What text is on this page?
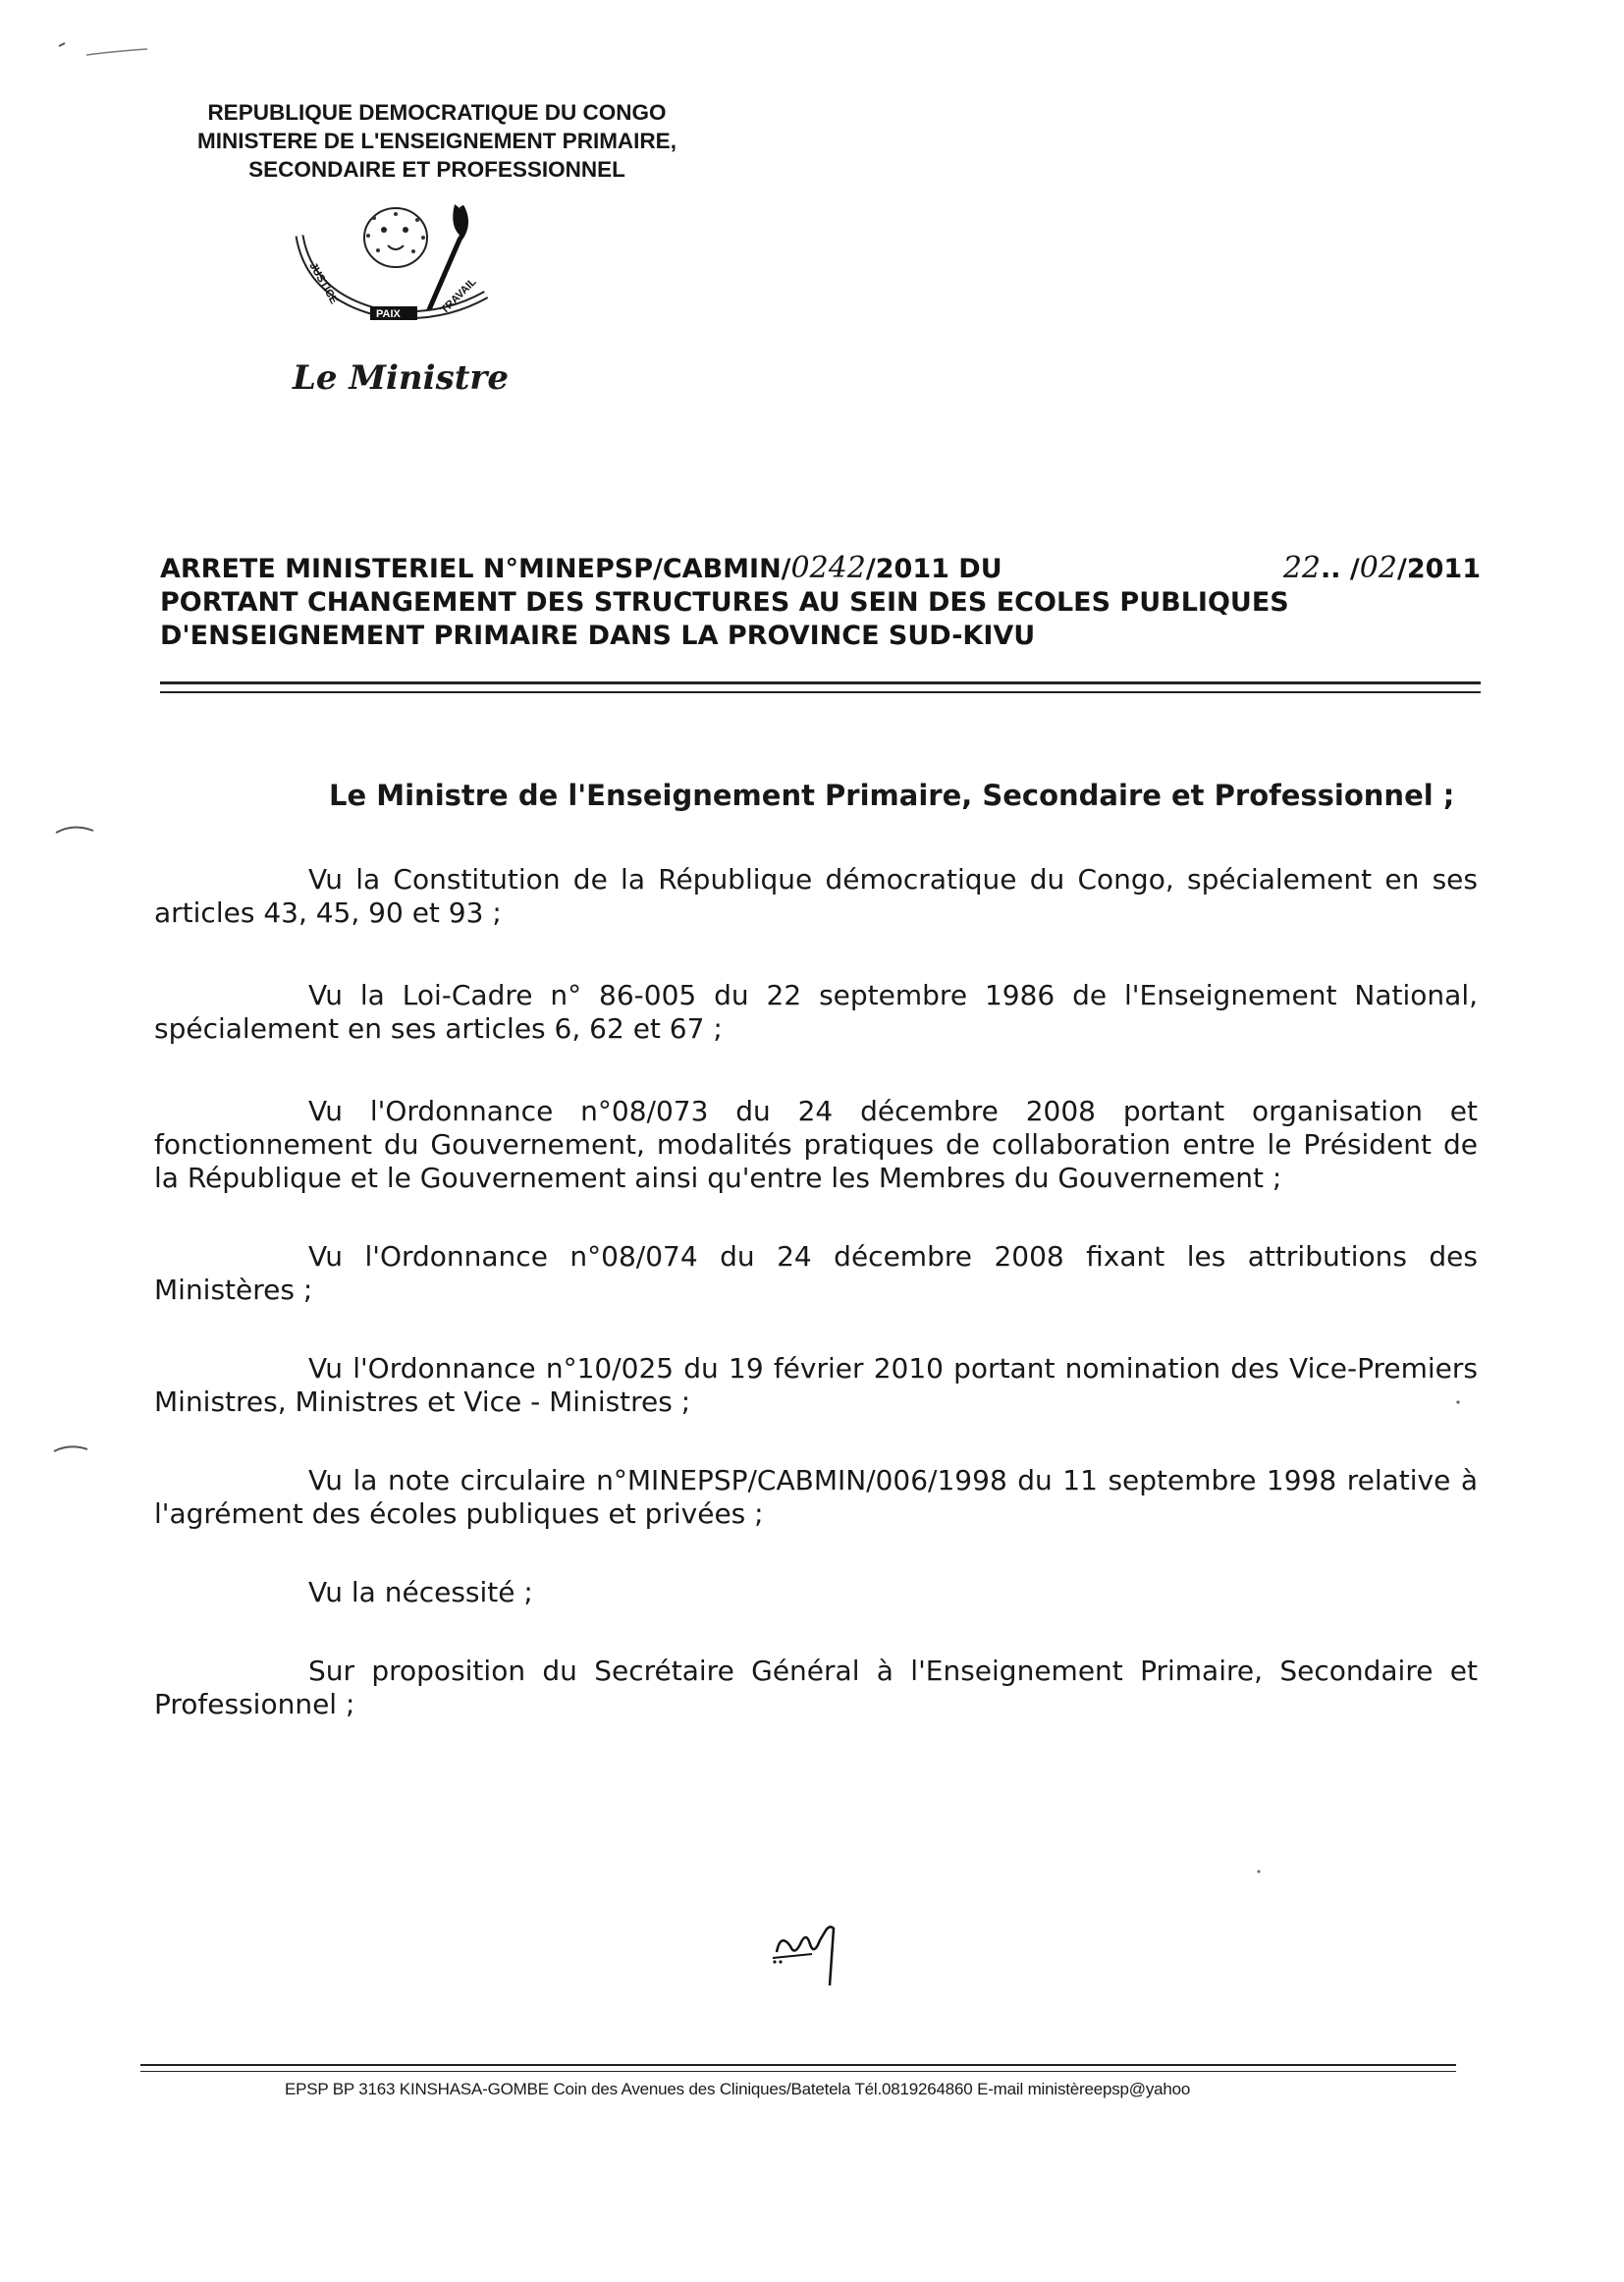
REPUBLIQUE DEMOCRATIQUE DU CONGO
MINISTERE DE L'ENSEIGNEMENT PRIMAIRE,
SECONDAIRE ET PROFESSIONNEL
JUSTICE
PAIX	TRAVAIL
Le Ministre
ARRETE MINISTERIEL N°MINEPSP/CABMIN/0242/2011 DU	22.. /02/2011
PORTANT CHANGEMENT DES STRUCTURES AU SEIN DES ECOLES PUBLIQUES
D'ENSEIGNEMENT PRIMAIRE DANS LA PROVINCE SUD-KIVU

Le Ministre de l'Enseignement Primaire, Secondaire et Professionnel ;

Vu la Constitution de la République démocratique du Congo, spécialement en ses articles 43, 45, 90 et 93 ;

Vu la Loi-Cadre n° 86-005 du 22 septembre 1986 de l'Enseignement National, spécialement en ses articles 6, 62 et 67 ;

Vu l'Ordonnance n°08/073 du 24 décembre 2008 portant organisation et fonctionnement du Gouvernement, modalités pratiques de collaboration entre le Président de la République et le Gouvernement ainsi qu'entre les Membres du Gouvernement ;

Vu l'Ordonnance n°08/074 du 24 décembre 2008 fixant les attributions des Ministères ;

Vu l'Ordonnance n°10/025 du 19 février 2010 portant nomination des Vice-Premiers Ministres, Ministres et Vice - Ministres ;

Vu la note circulaire n°MINEPSP/CABMIN/006/1998 du 11 septembre 1998 relative à l'agrément des écoles publiques et privées ;

Vu la nécessité ;

Sur proposition du Secrétaire Général à l'Enseignement Primaire, Secondaire et Professionnel ;

EPSP BP 3163 KINSHASA-GOMBE Coin des Avenues des Cliniques/Batetela Tél.0819264860 E-mail ministèreepsp@yahoo
